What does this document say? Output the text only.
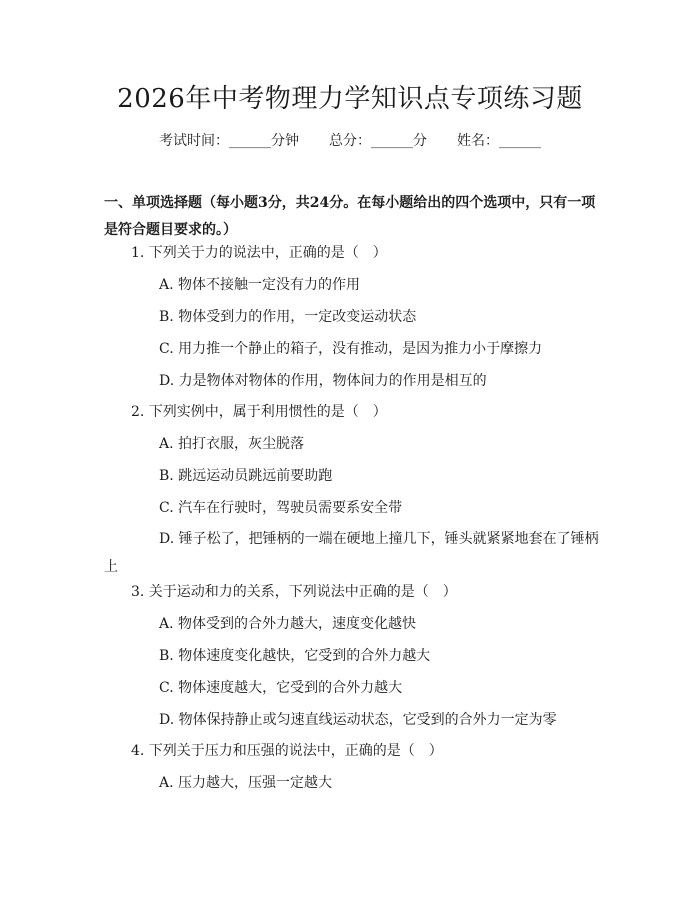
2026年中考物理力学知识点专项练习题
考试时间：______分钟 总分：______分 姓名：______
一、单项选择题（每小题3分，共24分。在每小题给出的四个选项中，只有一项是符合题目要求的。）
1. 下列关于力的说法中，正确的是（　）
A. 物体不接触一定没有力的作用
B. 物体受到力的作用，一定改变运动状态
C. 用力推一个静止的箱子，没有推动，是因为推力小于摩擦力
D. 力是物体对物体的作用，物体间力的作用是相互的
2. 下列实例中，属于利用惯性的是（　）
A. 拍打衣服，灰尘脱落
B. 跳远运动员跳远前要助跑
C. 汽车在行驶时，驾驶员需要系安全带
D. 锤子松了，把锤柄的一端在硬地上撞几下，锤头就紧紧地套在了锤柄上
3. 关于运动和力的关系，下列说法中正确的是（　）
A. 物体受到的合外力越大，速度变化越快
B. 物体速度变化越快，它受到的合外力越大
C. 物体速度越大，它受到的合外力越大
D. 物体保持静止或匀速直线运动状态，它受到的合外力一定为零
4. 下列关于压力和压强的说法中，正确的是（　）
A. 压力越大，压强一定越大
